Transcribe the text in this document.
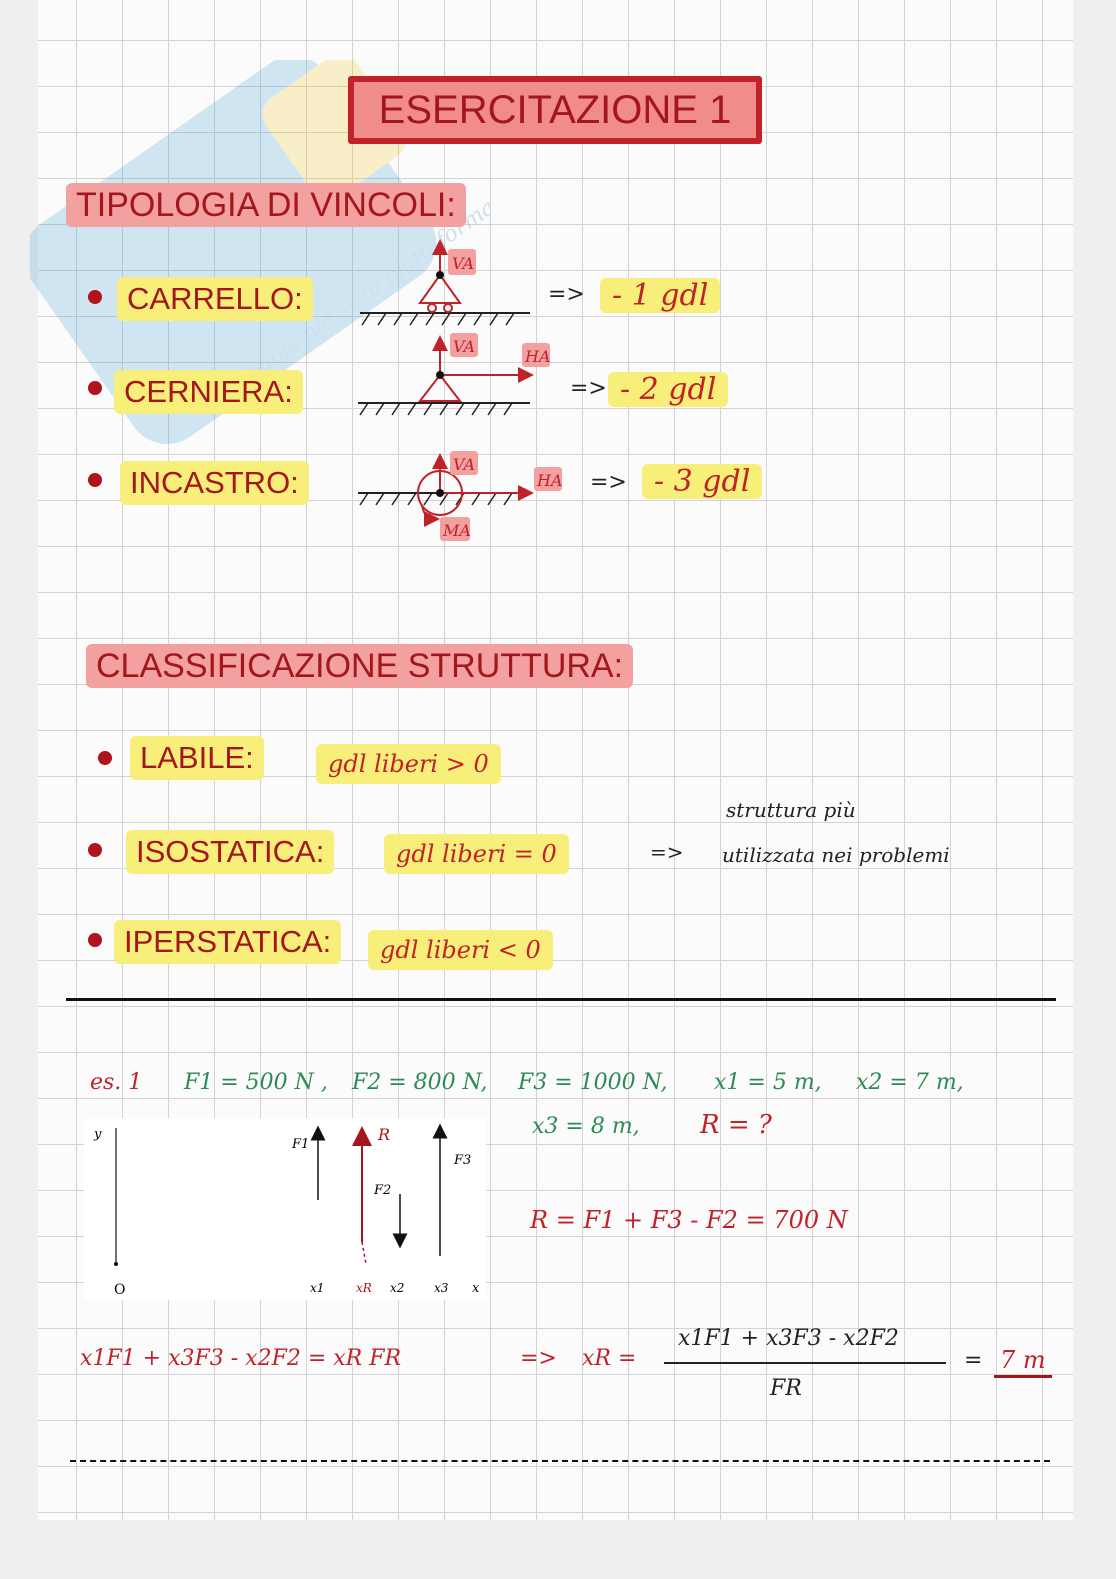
ESERCITAZIONE 1
TIPOLOGIA DI VINCOLI:
CARRELLO:	=> - 1 gdl
CERNIERA:	=> - 2 gdl
INCASTRO:	=> - 3 gdl
VA
VA
HA
VA
HA
MA
CLASSIFICAZIONE STRUTTURA:
LABILE:	gdl liberi > 0
ISOSTATICA:	gdl liberi = 0	=>
struttura più
utilizzata nei problemi
IPERSTATICA:	gdl liberi < 0
es. 1 F1 = 500 N , F2 = 800 N, F3 = 1000 N, x1 = 5 m, x2 = 7 m,
x3 = 8 m, R = ?
R = F1 + F3 - F2 = 700 N
y
O	x
F1
R
F2
F3
x1	xR x2 x3
x1F1 + x3F3 - x2F2 = xR FR	=> xR =
x1F1 + x3F3 - x2F2
FR
= 7 m
